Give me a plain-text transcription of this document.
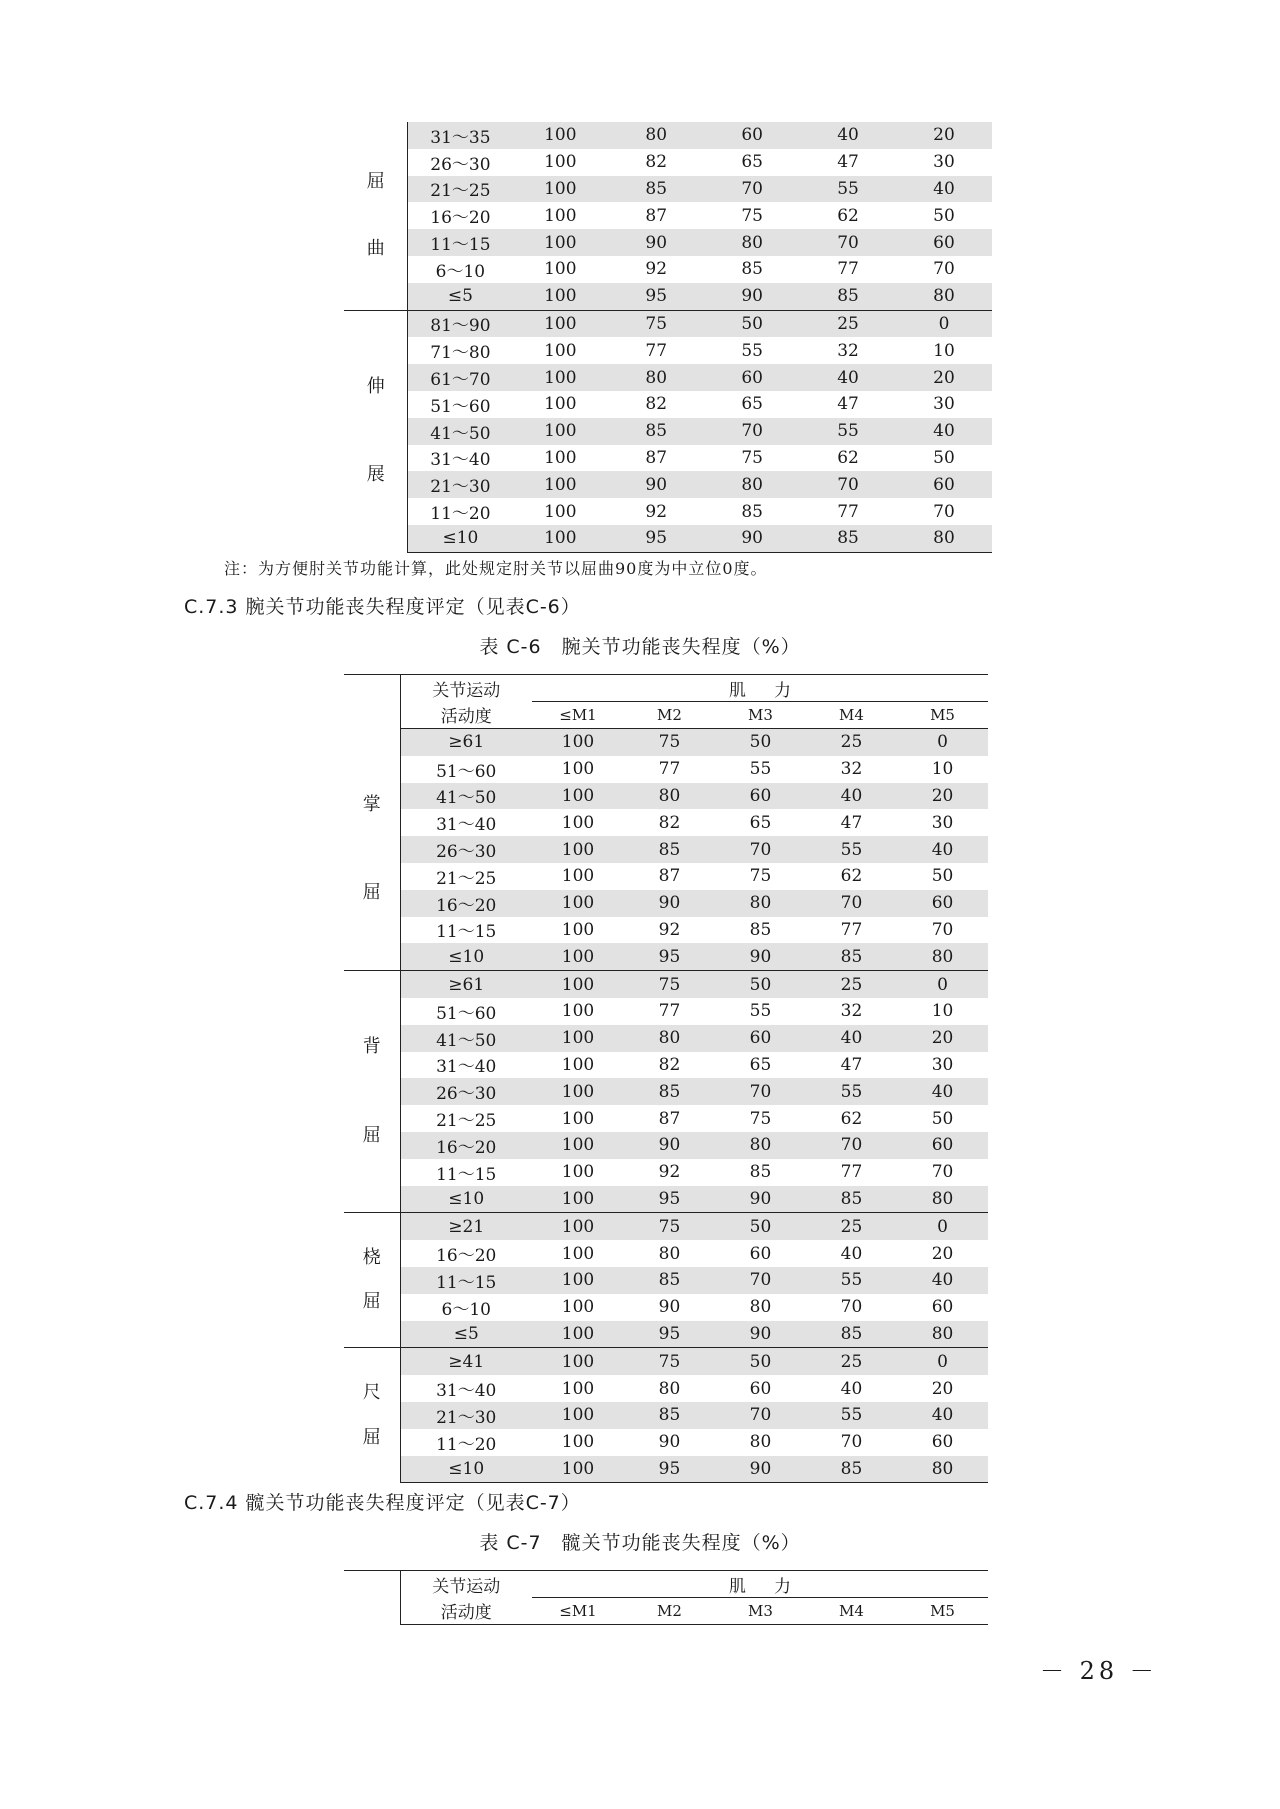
屈
曲	31～35	100	80	60	40	20
	26～30	100	82	65	47	30
	21～25	100	85	70	55	40
	16～20	100	87	75	62	50
	11～15	100	90	80	70	60
	6～10	100	92	85	77	70
	≤5	100	95	90	85	80

伸
展	81～90	100	75	50	25	0
	71～80	100	77	55	32	10
	61～70	100	80	60	40	20
	51～60	100	82	65	47	30
	41～50	100	85	70	55	40
	31～40	100	87	75	62	50
	21～30	100	90	80	70	60
	11～20	100	92	85	77	70
	≤10	100	95	90	85	80
注：为方便肘关节功能计算，此处规定肘关节以屈曲90度为中立位0度。
C.7.3 腕关节功能丧失程度评定（见表C-6）
表 C-6　腕关节功能丧失程度（%）
	关节运动	肌力				
	活动度	≤M1	M2	M3	M4	M5

掌
屈	≥61	100	75	50	25	0
	51～60	100	77	55	32	10
	41～50	100	80	60	40	20
	31～40	100	82	65	47	30
	26～30	100	85	70	55	40
	21～25	100	87	75	62	50
	16～20	100	90	80	70	60
	11～15	100	92	85	77	70
	≤10	100	95	90	85	80

背
屈	≥61	100	75	50	25	0
	51～60	100	77	55	32	10
	41～50	100	80	60	40	20
	31～40	100	82	65	47	30
	26～30	100	85	70	55	40
	21～25	100	87	75	62	50
	16～20	100	90	80	70	60
	11～15	100	92	85	77	70
	≤10	100	95	90	85	80

桡
屈	≥21	100	75	50	25	0
	16～20	100	80	60	40	20
	11～15	100	85	70	55	40
	6～10	100	90	80	70	60
	≤5	100	95	90	85	80

尺
屈	≥41	100	75	50	25	0
	31～40	100	80	60	40	20
	21～30	100	85	70	55	40
	11～20	100	90	80	70	60
	≤10	100	95	90	85	80
C.7.4 髋关节功能丧失程度评定（见表C-7）
表 C-7　髋关节功能丧失程度（%）
	关节运动	肌力				
	活动度	≤M1	M2	M3	M4	M5
－ 28 －
